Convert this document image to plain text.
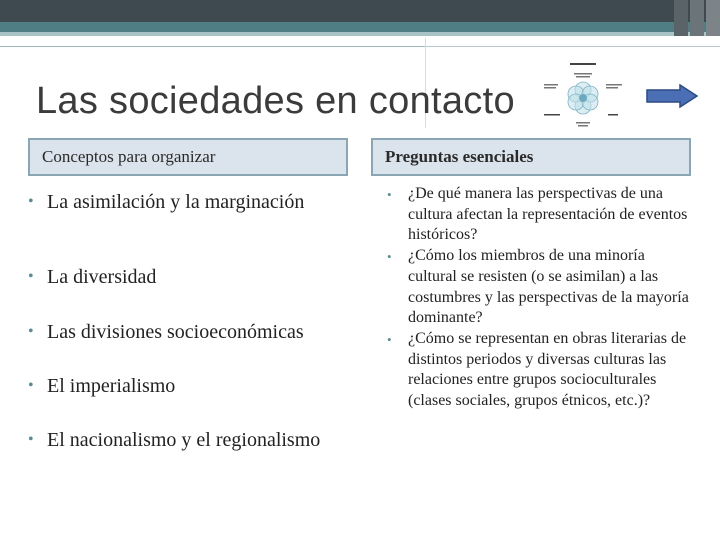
Las sociedades en contacto
Conceptos para organizar	Preguntas esenciales
• La asimilación y la marginación
• La diversidad
• Las divisiones socioeconómicas
• El imperialismo
• El nacionalismo y el regionalismo
• ¿De qué manera las perspectivas de una cultura afectan la representación de eventos históricos?
• ¿Cómo los miembros de una minoría cultural se resisten (o se asimilan) a las costumbres y las perspectivas de la mayoría dominante?
• ¿Cómo se representan en obras literarias de distintos periodos y diversas culturas las relaciones entre grupos socioculturales (clases sociales, grupos étnicos, etc.)?
